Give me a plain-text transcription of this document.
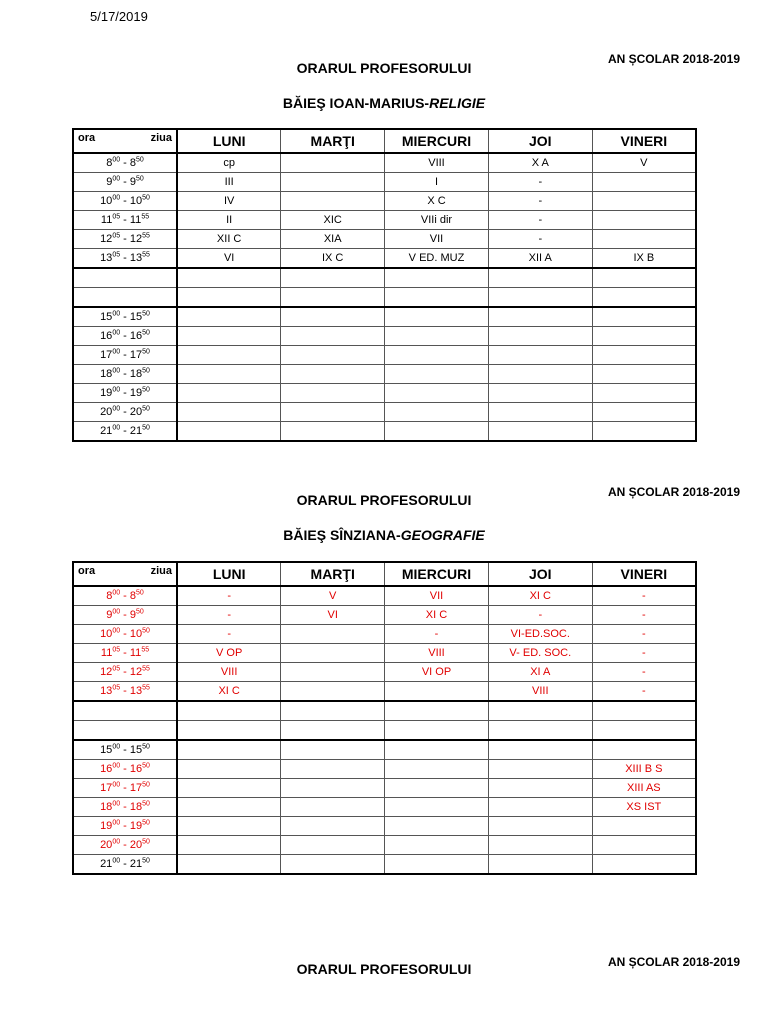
5/17/2019
ORARUL PROFESORULUI
AN ȘCOLAR 2018-2019
BĂIEŞ IOAN-MARIUS-RELIGIE
ora ziua	LUNI	MARŢI	MIERCURI	JOI	VINERI
$8^{00} - 8^{50}$	cp		VIII	X A	V
$9^{00} - 9^{50}$	III		I	-	
$10^{00} - 10^{50}$	IV		X C	-	
$11^{05} - 11^{55}$	II	XIC	VIIi dir	-	
$12^{05} - 12^{55}$	XII C	XIA	VII	-	
$13^{05} - 13^{55}$	VI	IX C	V ED. MUZ	XII A	IX B

$15^{00} - 15^{50}$					
$16^{00} - 16^{50}$					
$17^{00} - 17^{50}$					
$18^{00} - 18^{50}$					
$19^{00} - 19^{50}$					
$20^{00} - 20^{50}$					
$21^{00} - 21^{50}$					
ORARUL PROFESORULUI	AN ȘCOLAR 2018-2019
BĂIEŞ SÎNZIANA-GEOGRAFIE
ora ziua	LUNI	MARŢI	MIERCURI	JOI	VINERI
$8^{00} - 8^{50}$	-	V	VII	XI C	-
$9^{00} - 9^{50}$	-	VI	XI C	-	-
$10^{00} - 10^{50}$	-		-	VI-ED.SOC.	-
$11^{05} - 11^{55}$	V OP		VIII	V- ED. SOC.	-
$12^{05} - 12^{55}$	VIII		VI OP	XI A	-
$13^{05} - 13^{55}$	XI C			VIII	-

$15^{00} - 15^{50}$					
$16^{00} - 16^{50}$					XIII B S
$17^{00} - 17^{50}$					XIII AS
$18^{00} - 18^{50}$					XS IST
$19^{00} - 19^{50}$					
$20^{00} - 20^{50}$					
$21^{00} - 21^{50}$					
ORARUL PROFESORULUI	AN ȘCOLAR 2018-2019
